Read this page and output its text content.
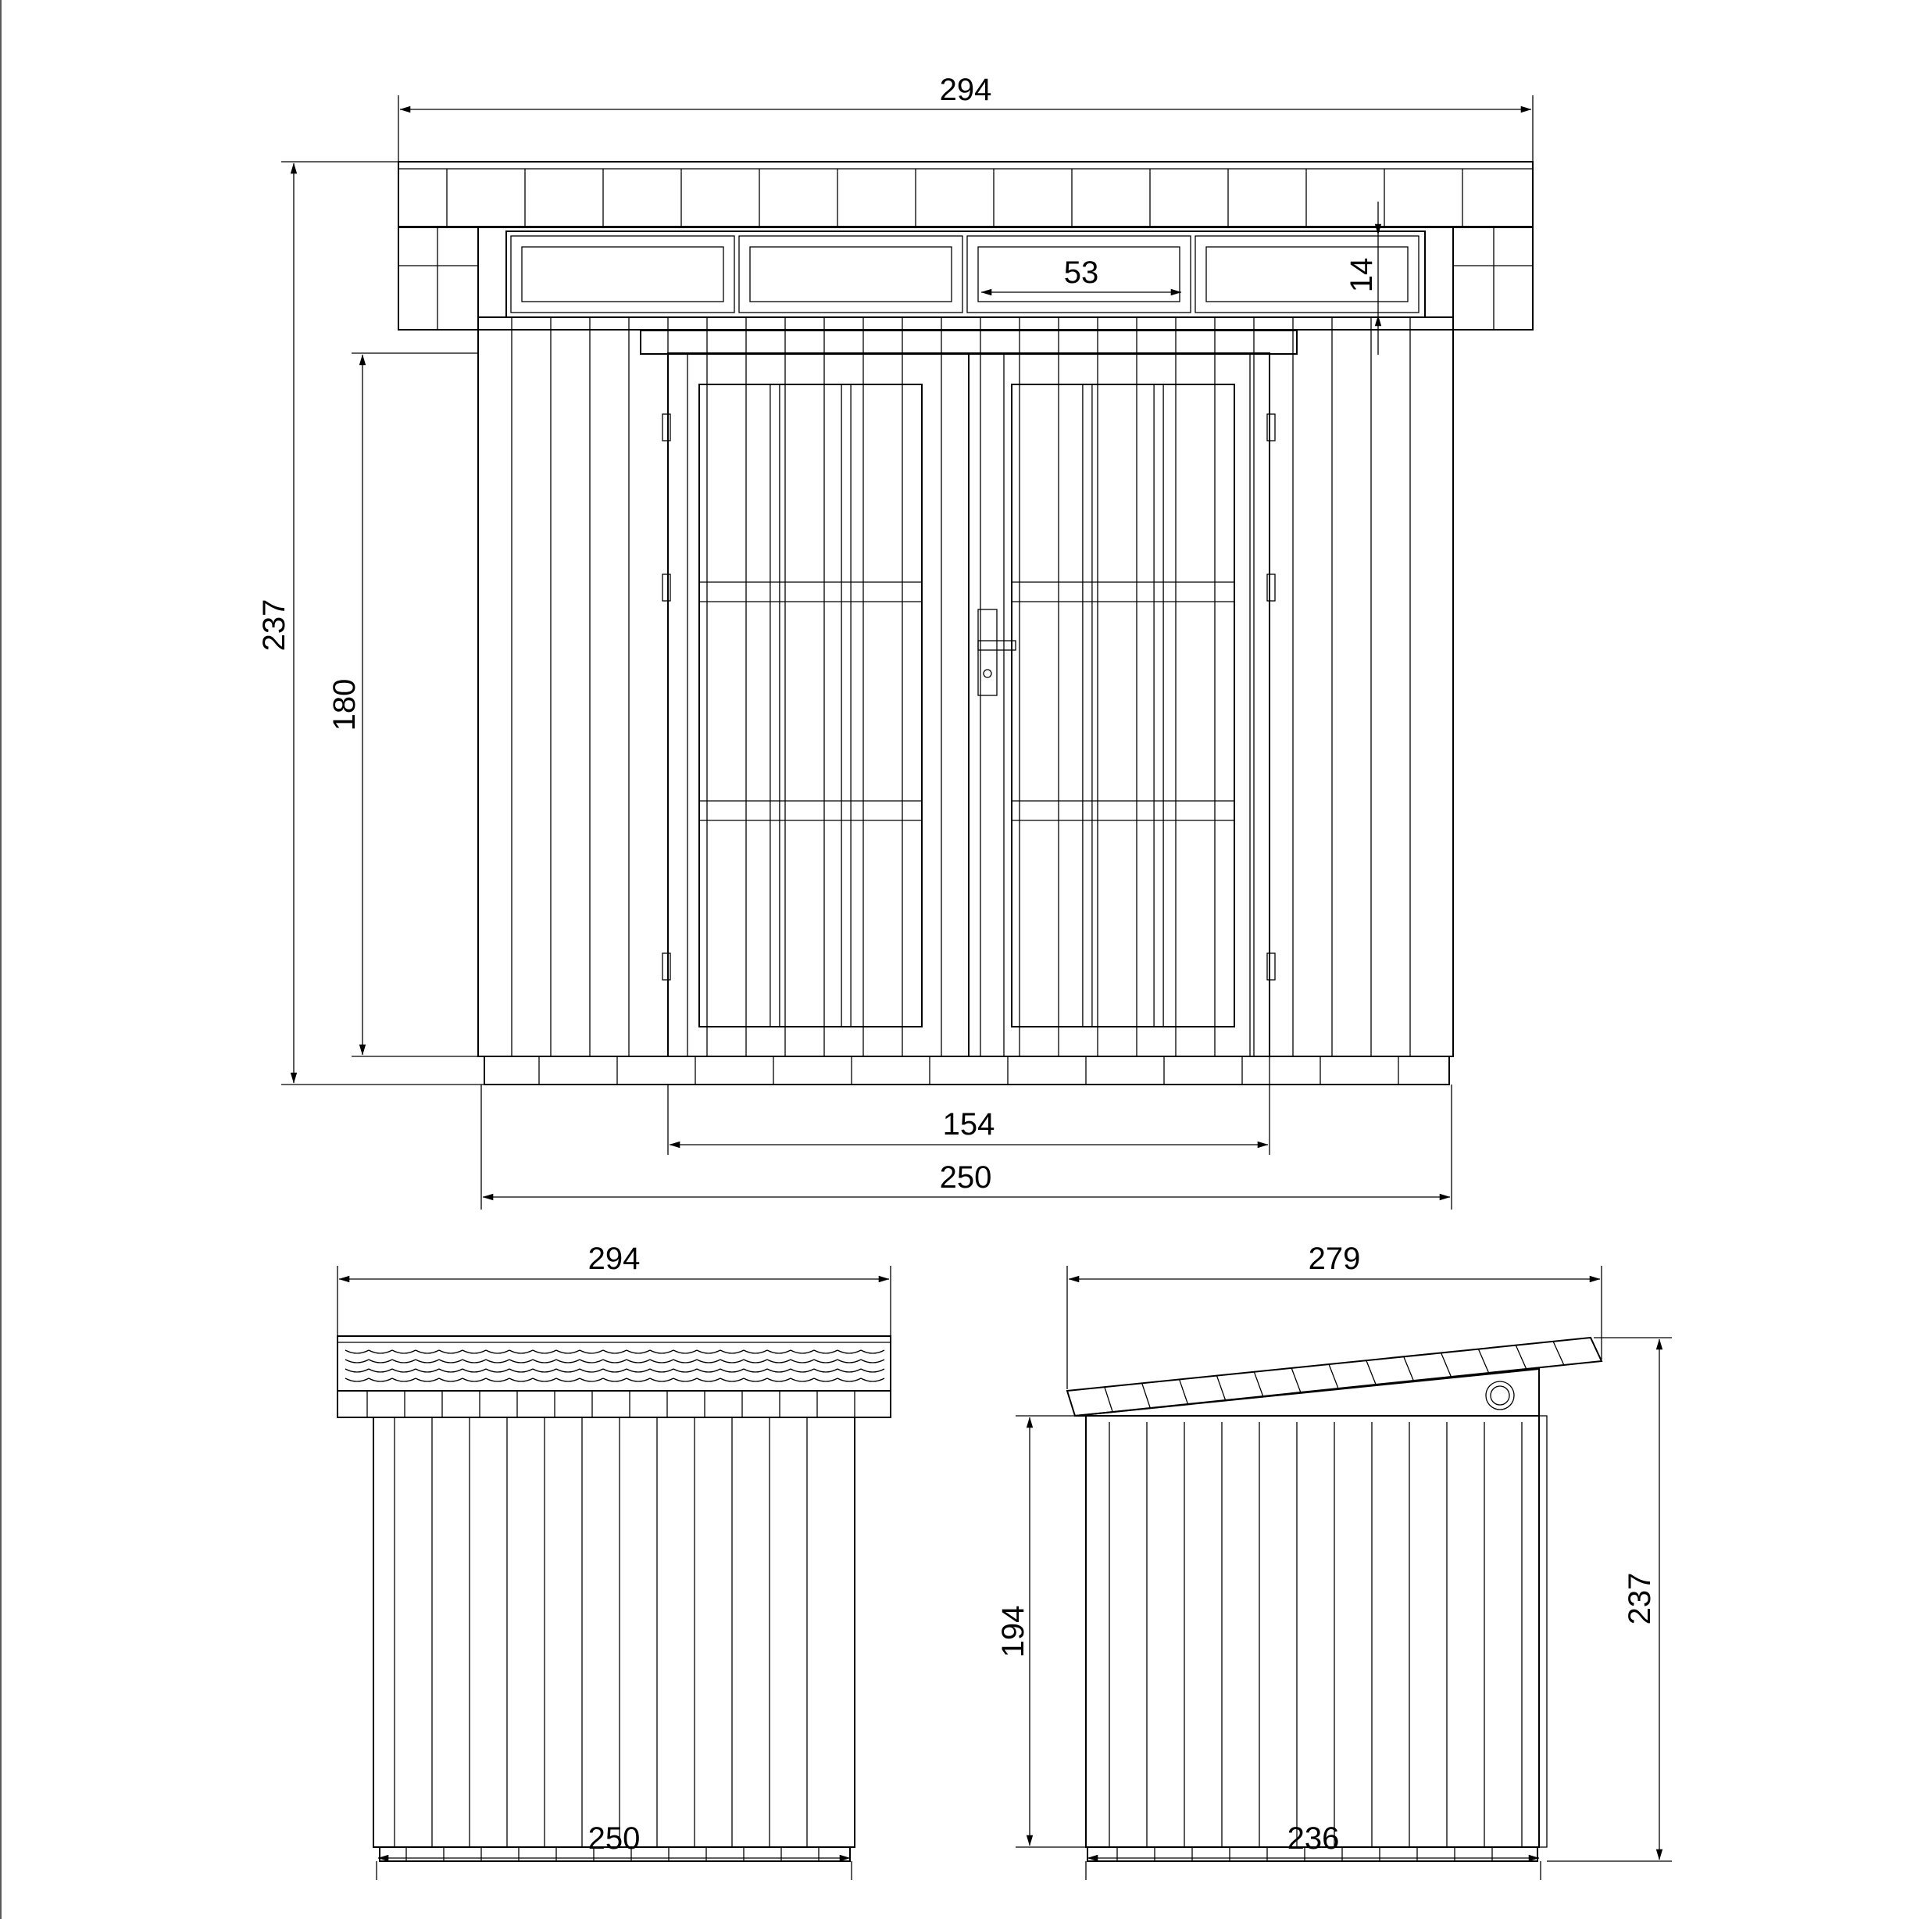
294
237
180
154
250
53	14
294
250
279
194
237
236
